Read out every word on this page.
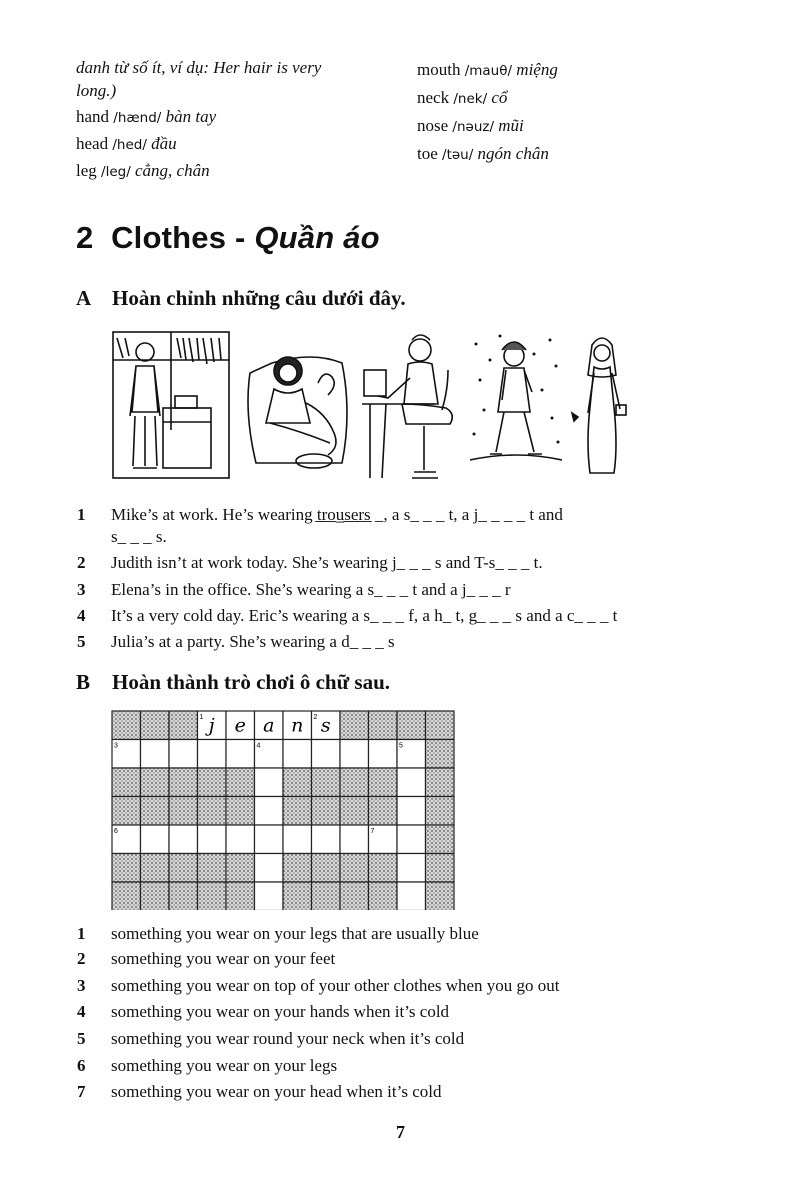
danh từ số ít, ví dụ: Her hair is very
long.)
hand /hænd/ bàn tay
head /hed/ đầu
leg /leg/ cẳng, chân
mouth /mauθ/ miệng
neck /nek/ cổ
nose /nəuz/ mũi
toe /təu/ ngón chân
2 Clothes - Quần áo
A Hoàn chỉnh những câu dưới đây.
1 Mike’s at work. He’s wearing t̲r̲o̲u̲s̲e̲r̲s̲ _, a s_ _ _ t, a j_ _ _ _ t and
s_ _ _ s.
2 Judith isn’t at work today. She’s wearing j_ _ _ s and T-s_ _ _ t.
3 Elena’s in the office. She’s wearing a s_ _ _ t and a j_ _ _ r
4 It’s a very cold day. Eric’s wearing a s_ _ _ f, a h_ t, g_ _ _ s and a c_ _ _ t
5 Julia’s at a party. She’s wearing a d_ _ _ s
B Hoàn thành trò chơi ô chữ sau.
j e a n s
1	2
3	4	5
6	7
1 something you wear on your legs that are usually blue
2 something you wear on your feet
3 something you wear on top of your other clothes when you go out
4 something you wear on your hands when it’s cold
5 something you wear round your neck when it’s cold
6 something you wear on your legs
7 something you wear on your head when it’s cold
7
